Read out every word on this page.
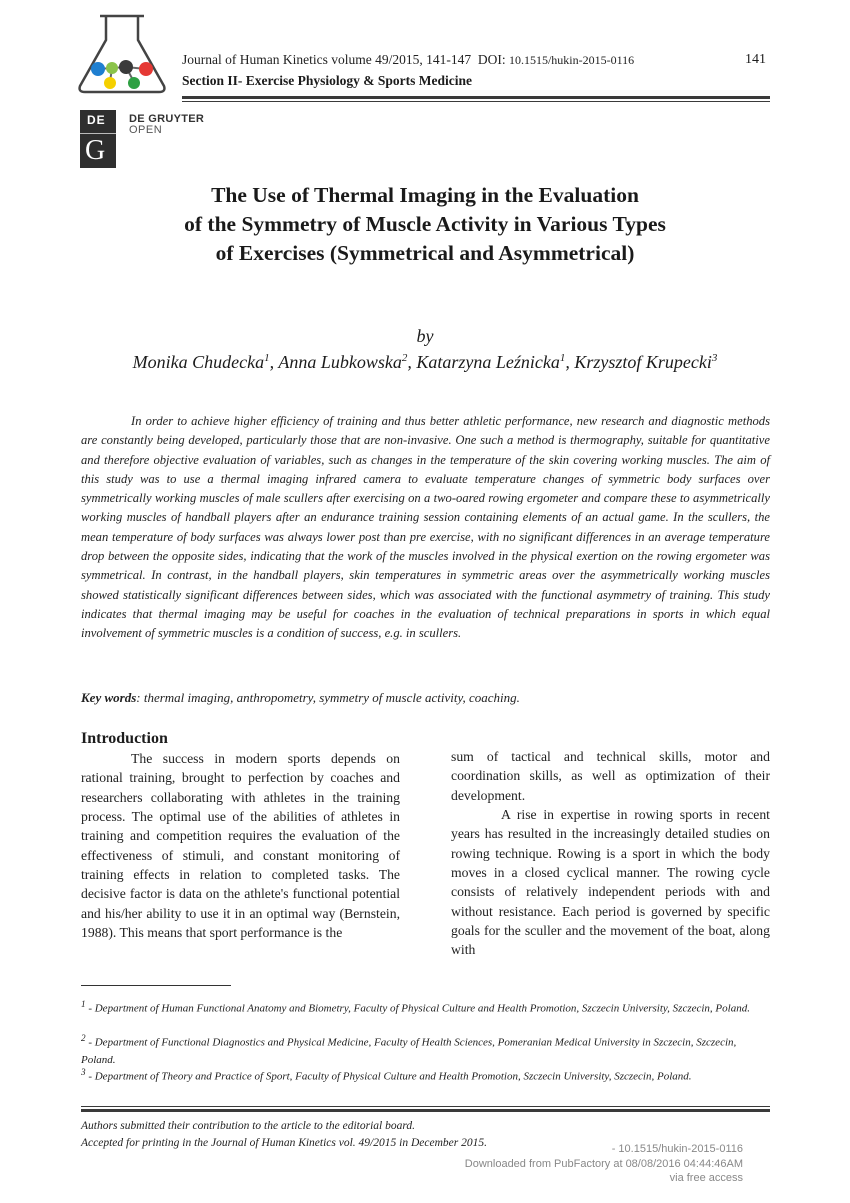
Journal of Human Kinetics volume 49/2015, 141-147 DOI: 10.1515/hukin-2015-0116
Section II- Exercise Physiology & Sports Medicine
141
DE
G
DE GRUYTER
OPEN
The Use of Thermal Imaging in the Evaluation
of the Symmetry of Muscle Activity in Various Types
of Exercises (Symmetrical and Asymmetrical)
by
Monika Chudecka$^1$, Anna Lubkowska$^2$, Katarzyna Leźnicka$^1$, Krzysztof Krupecki$^3$
In order to achieve higher efficiency of training and thus better athletic performance, new research and diagnostic methods are constantly being developed, particularly those that are non-invasive. One such a method is thermography, suitable for quantitative and therefore objective evaluation of variables, such as changes in the temperature of the skin covering working muscles. The aim of this study was to use a thermal imaging infrared camera to evaluate temperature changes of symmetric body surfaces over symmetrically working muscles of male scullers after exercising on a two-oared rowing ergometer and compare these to asymmetrically working muscles of handball players after an endurance training session containing elements of an actual game. In the scullers, the mean temperature of body surfaces was always lower post than pre exercise, with no significant differences in an average temperature drop between the opposite sides, indicating that the work of the muscles involved in the physical exertion on the rowing ergometer was symmetrical. In contrast, in the handball players, skin temperatures in symmetric areas over the asymmetrically working muscles showed statistically significant differences between sides, which was associated with the functional asymmetry of training. This study indicates that thermal imaging may be useful for coaches in the evaluation of technical preparations in sports in which equal involvement of symmetric muscles is a condition of success, e.g. in scullers.
Key words: thermal imaging, anthropometry, symmetry of muscle activity, coaching.
Introduction
The success in modern sports depends on rational training, brought to perfection by coaches and researchers collaborating with athletes in the training process. The optimal use of the abilities of athletes in training and competition requires the evaluation of the effectiveness of stimuli, and constant monitoring of training effects in relation to completed tasks. The decisive factor is data on the athlete's functional potential and his/her ability to use it in an optimal way (Bernstein, 1988). This means that sport performance is the

sum of tactical and technical skills, motor and coordination skills, as well as optimization of their development.

A rise in expertise in rowing sports in recent years has resulted in the increasingly detailed studies on rowing technique. Rowing is a sport in which the body moves in a closed cyclical manner. The rowing cycle consists of relatively independent periods with and without resistance. Each period is governed by specific goals for the sculler and the movement of the boat, along with

$^1$ - Department of Human Functional Anatomy and Biometry, Faculty of Physical Culture and Health Promotion, Szczecin University, Szczecin, Poland.
$^2$ - Department of Functional Diagnostics and Physical Medicine, Faculty of Health Sciences, Pomeranian Medical University in Szczecin, Szczecin, Poland.
$^3$ - Department of Theory and Practice of Sport, Faculty of Physical Culture and Health Promotion, Szczecin University, Szczecin, Poland.
Authors submitted their contribution to the article to the editorial board.
Accepted for printing in the Journal of Human Kinetics vol. 49/2015 in December 2015.	- 10.1515/hukin-2015-0116
Downloaded from PubFactory at 08/08/2016 04:44:46AM
via free access
